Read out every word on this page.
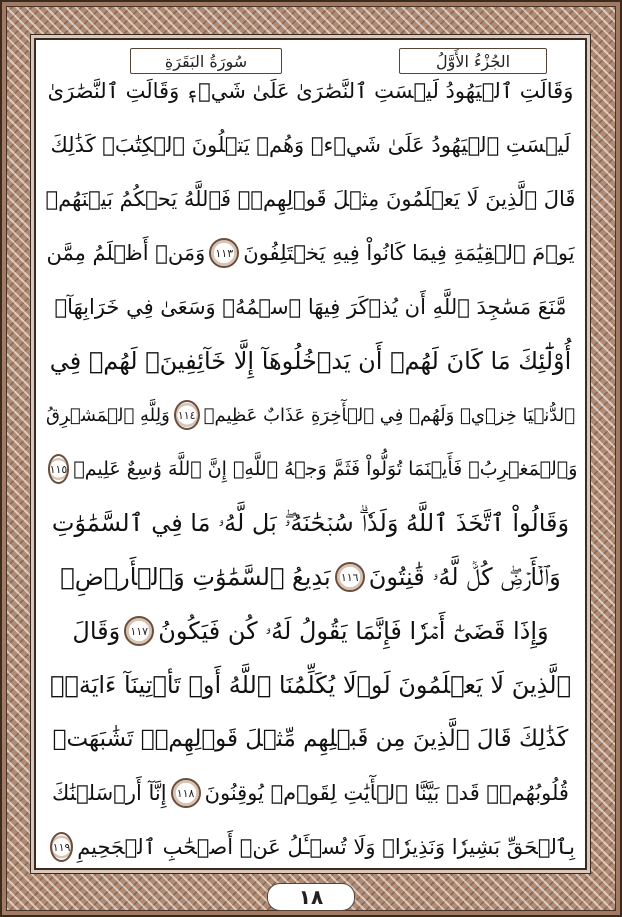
الجُزْءُ الأَوَّلُ
سُورَةُ البَقَرَةِ
وَقَالَتِ ٱلۡيَهُودُ لَيۡسَتِ ٱلنَّصَٰرَىٰ عَلَىٰ شَيۡءٖ وَقَالَتِ ٱلنَّصَٰرَىٰ
لَيۡسَتِ ٱلۡيَهُودُ عَلَىٰ شَيۡءٖ وَهُمۡ يَتۡلُونَ ٱلۡكِتَٰبَۗ كَذَٰلِكَ
قَالَ ٱلَّذِينَ لَا يَعۡلَمُونَ مِثۡلَ قَوۡلِهِمۡۚ فَٱللَّهُ يَحۡكُمُ بَيۡنَهُمۡ
يَوۡمَ ٱلۡقِيَٰمَةِ فِيمَا كَانُواْ فِيهِ يَخۡتَلِفُونَ
١١٣
وَمَنۡ أَظۡلَمُ مِمَّن
مَّنَعَ مَسَٰجِدَ ٱللَّهِ أَن يُذۡكَرَ فِيهَا ٱسۡمُهُۥ وَسَعَىٰ فِي خَرَابِهَآۚ
أُوْلَٰٓئِكَ مَا كَانَ لَهُمۡ أَن يَدۡخُلُوهَآ إِلَّا خَآئِفِينَۚ لَهُمۡ فِي
ٱلدُّنۡيَا خِزۡيٞ وَلَهُمۡ فِي ٱلۡأٓخِرَةِ عَذَابٌ عَظِيمٞ
١١٤
وَلِلَّهِ ٱلۡمَشۡرِقُ
وَٱلۡمَغۡرِبُۚ فَأَيۡنَمَا تُوَلُّواْ فَثَمَّ وَجۡهُ ٱللَّهِۚ إِنَّ ٱللَّهَ وَٰسِعٌ عَلِيمٞ
١١٥
وَقَالُواْ ٱتَّخَذَ ٱللَّهُ وَلَدٗاۗ سُبۡحَٰنَهُۥۖ بَل لَّهُۥ مَا فِي ٱلسَّمَٰوَٰتِ
وَٱلۡأَرۡضِۖ كُلّٞ لَّهُۥ قَٰنِتُونَ
١١٦
بَدِيعُ ٱلسَّمَٰوَٰتِ وَٱلۡأَرۡضِۖ
وَإِذَا قَضَىٰٓ أَمۡرٗا فَإِنَّمَا يَقُولُ لَهُۥ كُن فَيَكُونُ
١١٧
وَقَالَ
ٱلَّذِينَ لَا يَعۡلَمُونَ لَوۡلَا يُكَلِّمُنَا ٱللَّهُ أَوۡ تَأۡتِينَآ ءَايَةٞۗ
كَذَٰلِكَ قَالَ ٱلَّذِينَ مِن قَبۡلِهِم مِّثۡلَ قَوۡلِهِمۡۘ تَشَٰبَهَتۡ
قُلُوبُهُمۡۗ قَدۡ بَيَّنَّا ٱلۡأٓيَٰتِ لِقَوۡمٖ يُوقِنُونَ
١١٨
إِنَّآ أَرۡسَلۡنَٰكَ
بِٱلۡحَقِّ بَشِيرٗا وَنَذِيرٗاۖ وَلَا تُسۡـَٔلُ عَنۡ أَصۡحَٰبِ ٱلۡجَحِيمِ
١١٩
١٨
